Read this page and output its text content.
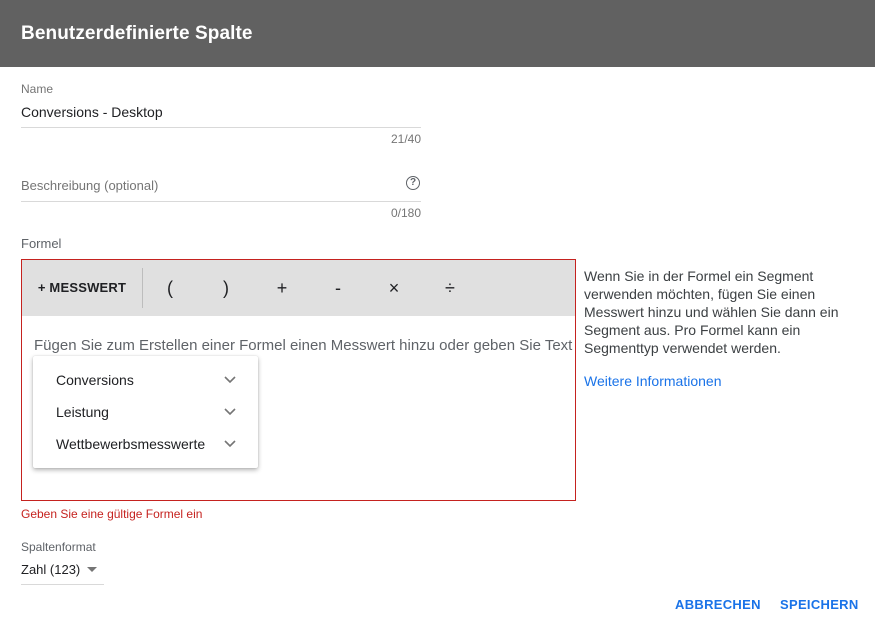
Benutzerdefinierte Spalte
Name
Conversions - Desktop
21/40
Beschreibung (optional)	?
0/180
Formel
+ MESSWERT	(	)	+	-	×	÷
Fügen Sie zum Erstellen einer Formel einen Messwert hinzu oder geben Sie Text
Conversions
Leistung
Wettbewerbsmesswerte
Geben Sie eine gültige Formel ein
Wenn Sie in der Formel ein Segment verwenden möchten, fügen Sie einen Messwert hinzu und wählen Sie dann ein Segment aus. Pro Formel kann ein Segmenttyp verwendet werden.
Weitere Informationen
Spaltenformat
Zahl (123)
ABBRECHEN SPEICHERN
